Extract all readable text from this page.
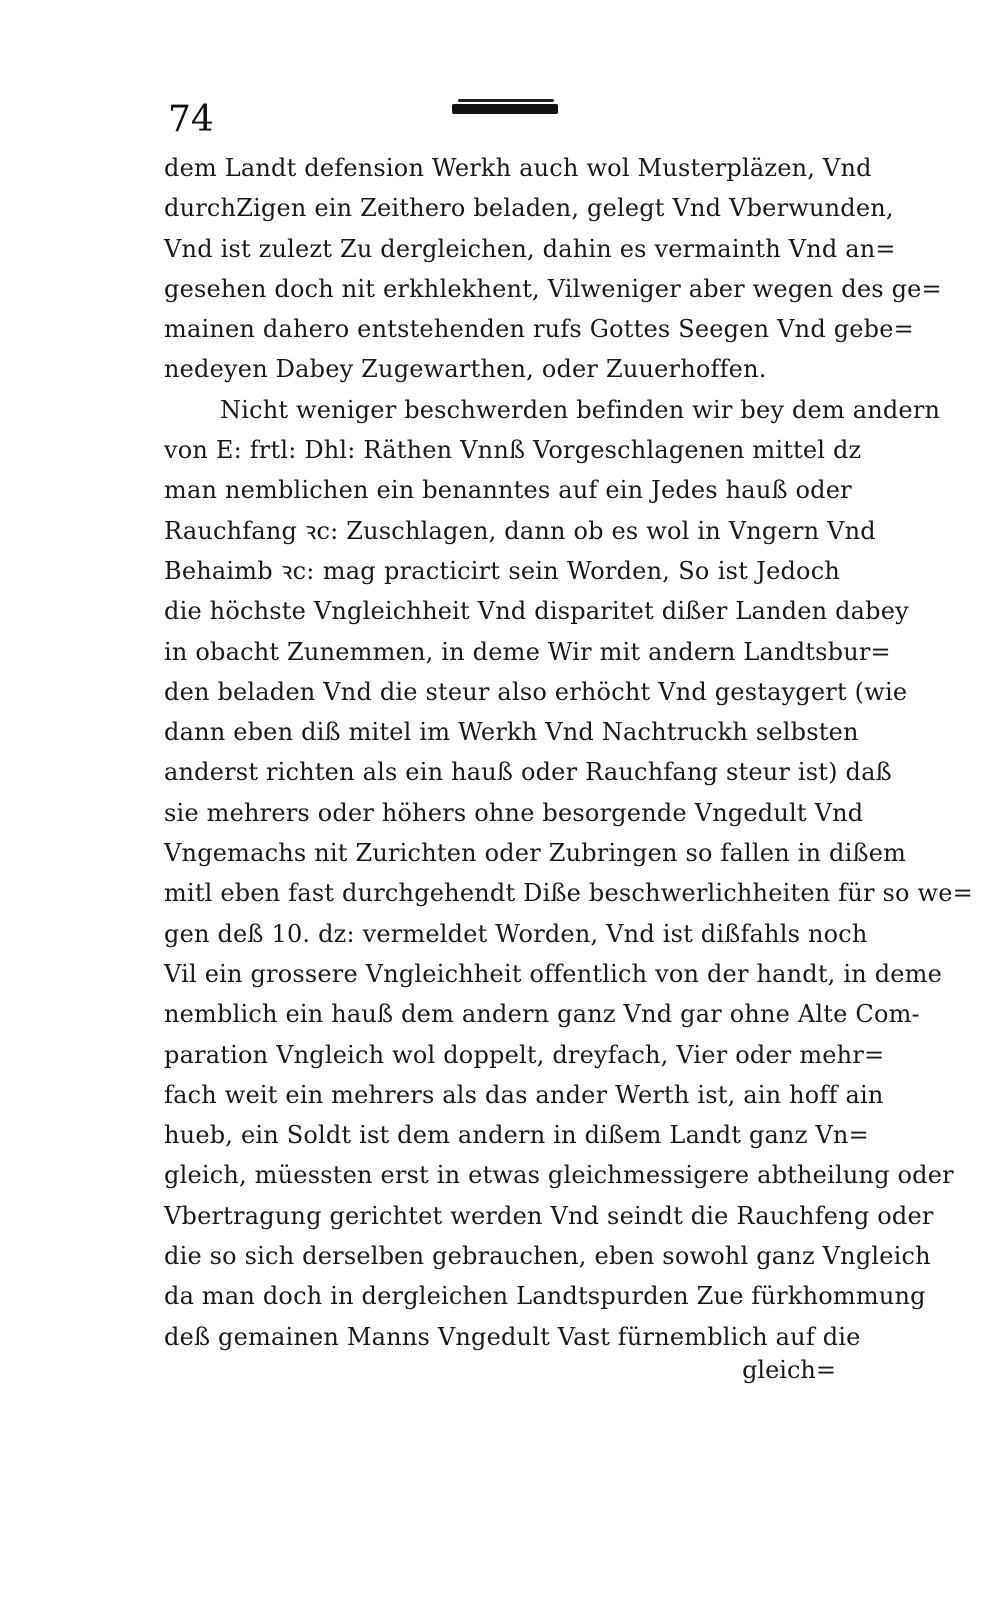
74
dem Landt defension Werkh auch wol Musterpläzen, Vnd
durchZigen ein Zeithero beladen, gelegt Vnd Vberwunden,
Vnd ist zulezt Zu dergleichen, dahin es vermainth Vnd an=
gesehen doch nit erkhlekhent, Vilweniger aber wegen des ge=
mainen dahero entstehenden rufs Gottes Seegen Vnd gebe=
nedeyen Dabey Zugewarthen, oder Zuuerhoffen.
Nicht weniger beschwerden befinden wir bey dem andern
von E: frtl: Dhl: Räthen Vnnß Vorgeschlagenen mittel dz
man nemblichen ein benanntes auf ein Jedes hauß oder
Rauchfang ꝛc: Zuschlagen, dann ob es wol in Vngern Vnd
Behaimb ꝛc: mag practicirt sein Worden, So ist Jedoch
die höchste Vngleichheit Vnd disparitet dißer Landen dabey
in obacht Zunemmen, in deme Wir mit andern Landtsbur=
den beladen Vnd die steur also erhöcht Vnd gestaygert (wie
dann eben diß mitel im Werkh Vnd Nachtruckh selbsten
anderst richten als ein hauß oder Rauchfang steur ist) daß
sie mehrers oder höhers ohne besorgende Vngedult Vnd
Vngemachs nit Zurichten oder Zubringen so fallen in dißem
mitl eben fast durchgehendt Diße beschwerlichheiten für so we=
gen deß 10. dz: vermeldet Worden, Vnd ist dißfahls noch
Vil ein grossere Vngleichheit offentlich von der handt, in deme
nemblich ein hauß dem andern ganz Vnd gar ohne Alte Com-
paration Vngleich wol doppelt, dreyfach, Vier oder mehr=
fach weit ein mehrers als das ander Werth ist, ain hoff ain
hueb, ein Soldt ist dem andern in dißem Landt ganz Vn=
gleich, müessten erst in etwas gleichmessigere abtheilung oder
Vbertragung gerichtet werden Vnd seindt die Rauchfeng oder
die so sich derselben gebrauchen, eben sowohl ganz Vngleich
da man doch in dergleichen Landtspurden Zue fürkhommung
deß gemainen Manns Vngedult Vast fürnemblich auf die
gleich=
